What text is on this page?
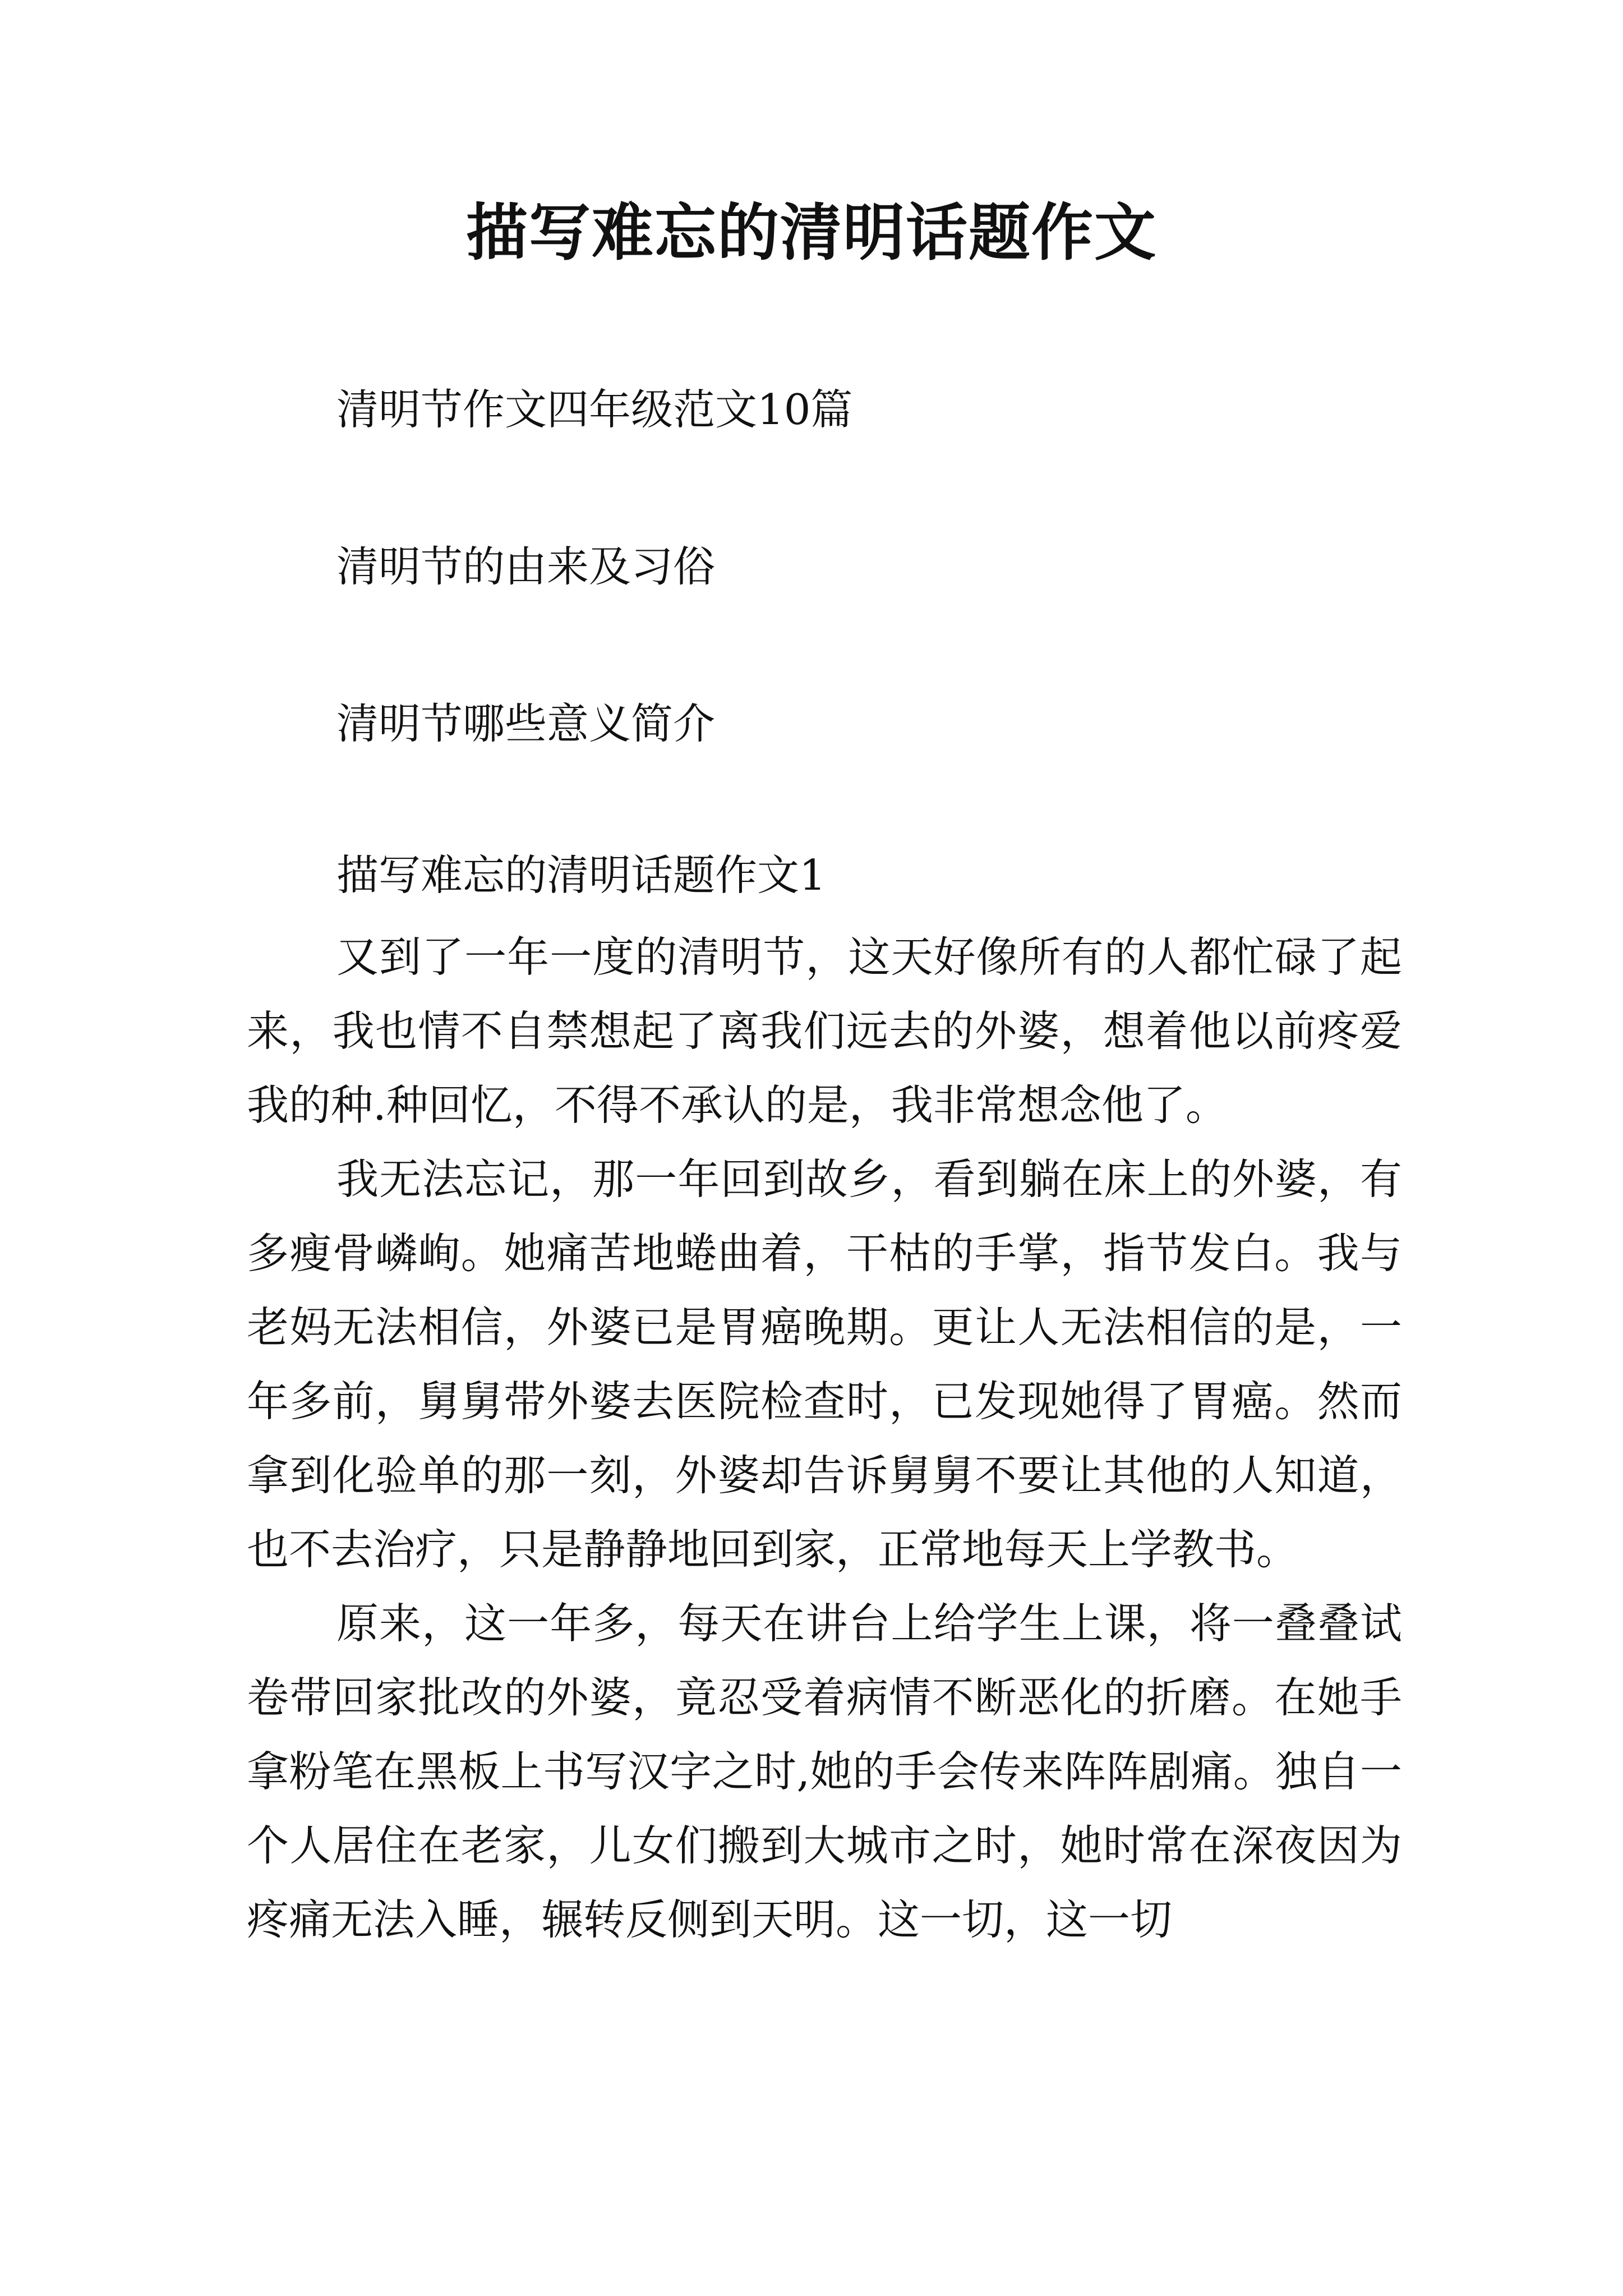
描写难忘的清明话题作文
清明节作文四年级范文10篇
清明节的由来及习俗
清明节哪些意义简介
描写难忘的清明话题作文1

又到了一年一度的清明节，这天好像所有的人都忙碌了起来，我也情不自禁想起了离我们远去的外婆，想着他以前疼爱我的种.种回忆，不得不承认的是，我非常想念他了。

我无法忘记，那一年回到故乡，看到躺在床上的外婆，有多瘦骨嶙峋。她痛苦地蜷曲着，干枯的手掌，指节发白。我与老妈无法相信，外婆已是胃癌晚期。更让人无法相信的是，一年多前，舅舅带外婆去医院检查时，已发现她得了胃癌。然而拿到化验单的那一刻，外婆却告诉舅舅不要让其他的人知道，也不去治疗，只是静静地回到家，正常地每天上学教书。

原来，这一年多，每天在讲台上给学生上课，将一叠叠试卷带回家批改的外婆，竟忍受着病情不断恶化的折磨。在她手拿粉笔在黑板上书写汉字之时,她的手会传来阵阵剧痛。独自一个人居住在老家，儿女们搬到大城市之时，她时常在深夜因为疼痛无法入睡，辗转反侧到天明。这一切，这一切
